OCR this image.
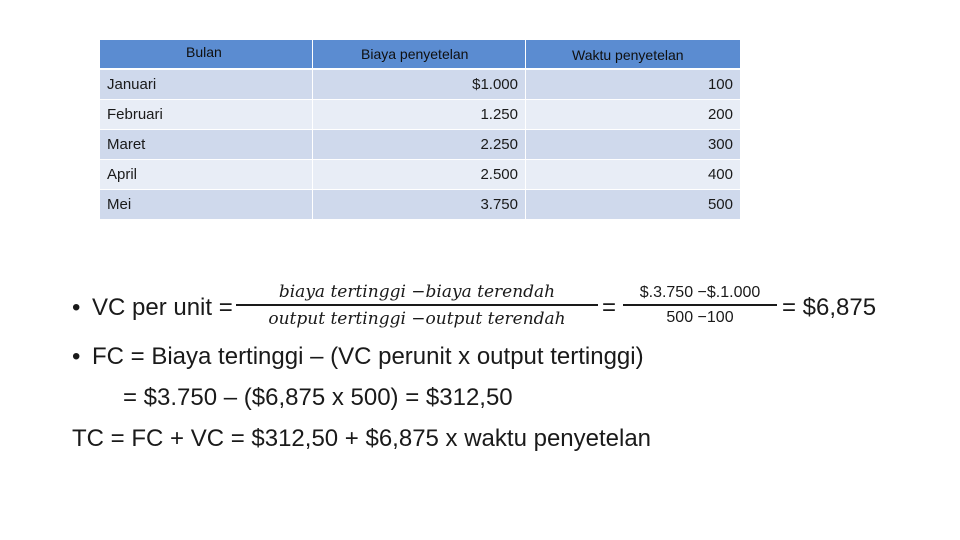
Bulan	Biaya penyetelan	Waktu penyetelan
Januari	$1.000	100
Februari	1.250	200
Maret	2.250	300
April	2.500	400
Mei	3.750	500
• VC per unit =
biaya tertinggi −biaya terendah
output tertinggi −output terendah	=
$.3.750 −$.1.000
500 −100	= $6,875
• FC = Biaya tertinggi – (VC perunit x output tertinggi)
= $3.750 – ($6,875 x 500) = $312,50
TC = FC + VC = $312,50 + $6,875 x waktu penyetelan
